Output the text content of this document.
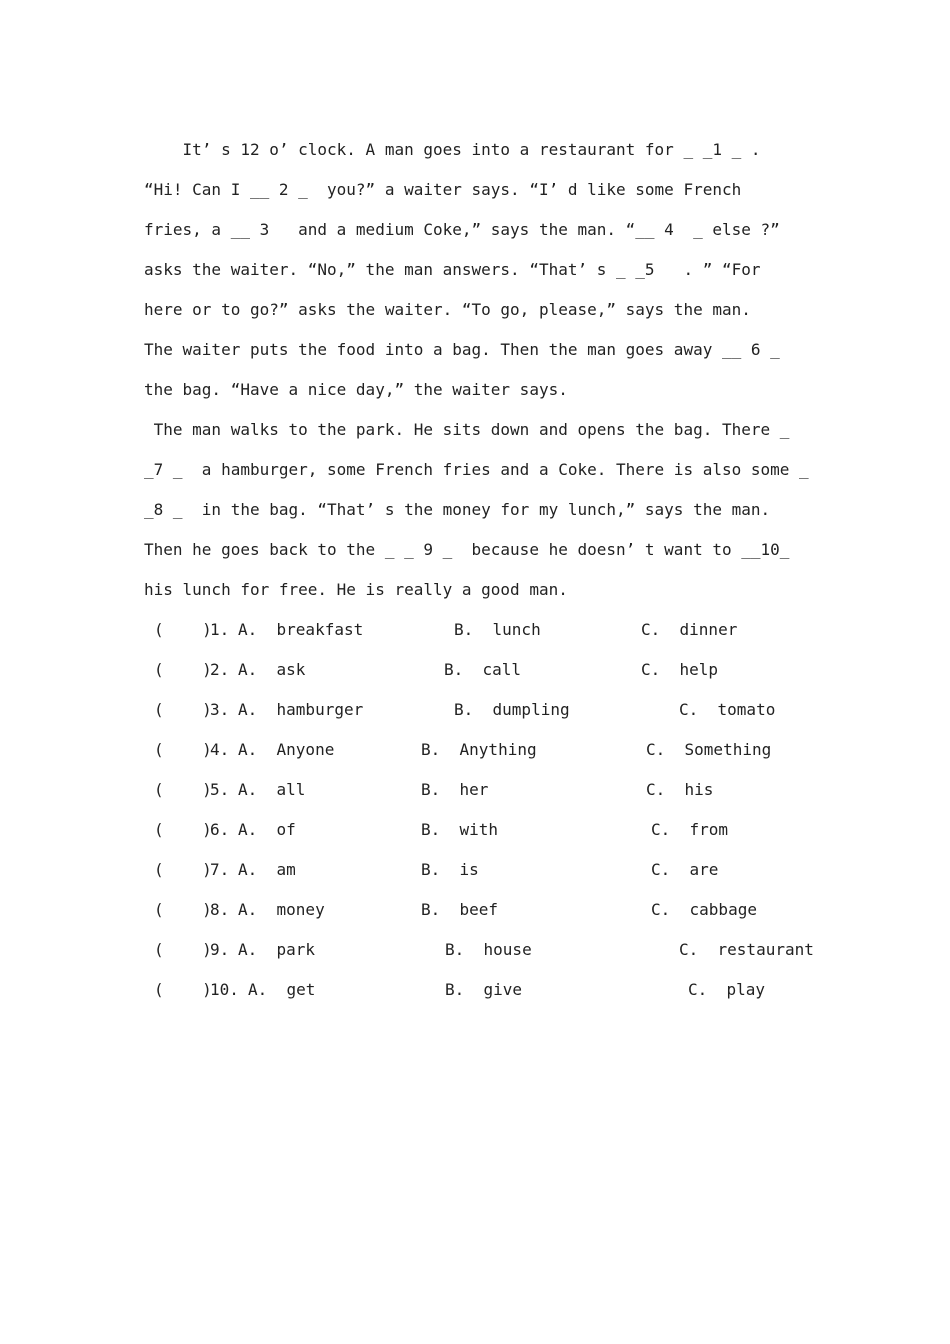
It’ s 12 o’ clock. A man goes into a restaurant for _ _1 _ .
“Hi! Can I __ 2 _  you?” a waiter says. “I’ d like some French
fries, a __ 3   and a medium Coke,” says the man. “__ 4  _ else ?”
asks the waiter. “No,” the man answers. “That’ s _ _5   . ” “For
here or to go?” asks the waiter. “To go, please,” says the man.
The waiter puts the food into a bag. Then the man goes away __ 6 _
the bag. “Have a nice day,” the waiter says.
The man walks to the park. He sits down and opens the bag. There _
_7 _  a hamburger, some French fries and a Coke. There is also some _
_8 _  in the bag. “That’ s the money for my lunch,” says the man.
Then he goes back to the _ _ 9 _  because he doesn’ t want to __10_
his lunch for free. He is really a good man.
(    )
1. A.  breakfast	B.  lunch	C.  dinner
(    )
2. A.  ask	B.  call	C.  help
(    )
3. A.  hamburger	B.  dumpling	C.  tomato
(    )
4. A.  Anyone	B.  Anything	C.  Something
(    )
5. A.  all	B.  her	C.  his
(    )
6. A.  of	B.  with	C.  from
(    )
7. A.  am	B.  is	C.  are
(    )
8. A.  money	B.  beef	C.  cabbage
(    )
9. A.  park	B.  house	C.  restaurant
(    )
10. A.  get	B.  give	C.  play
